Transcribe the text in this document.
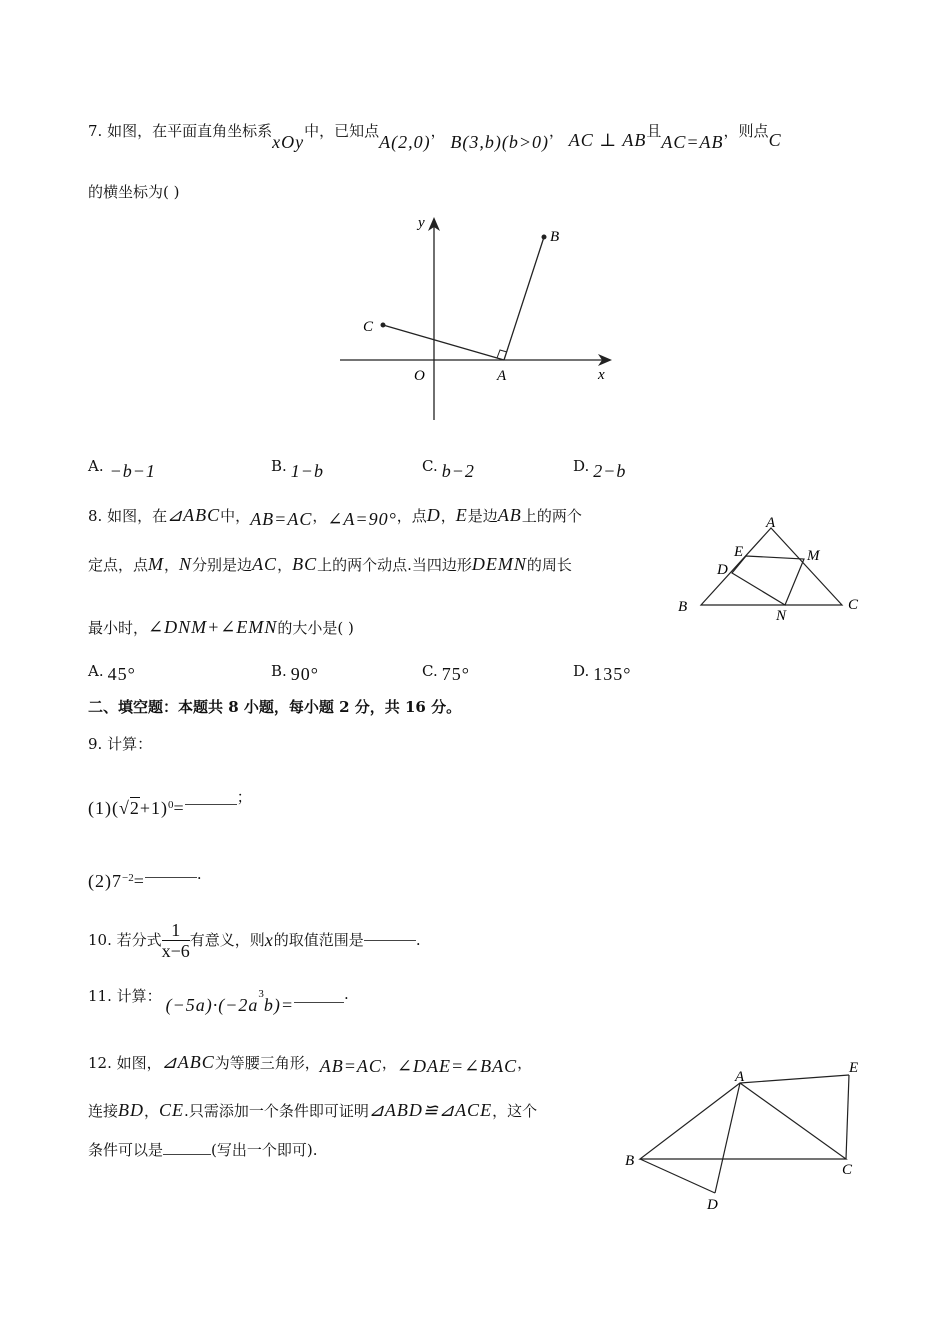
7. 如图，在平面直角坐标系xOy中，已知点A(2,0)， B(3,b)(b>0)， AC ⊥ AB且AC=AB，则点C
的横坐标为( )
y
x
O	A
B
C
A. −b−1	B. 1−b	C. b−2	D. 2−b
8. 如图，在⊿ABC中，AB=AC，∠A=90°，点D，E是边AB上的两个
定点，点M，N分别是边AC，BC上的两个动点.当四边形DEMN的周长
最小时，∠DNM+∠EMN的大小是( )
A
B	C
D
E	M
N
A. 45°	B. 90°	C. 75°	D. 135°
二、填空题：本题共 8 小题，每小题 2 分，共 16 分。
9. 计算：
$(1)(√2+1)^0=$；
$(2)7^{-2}=$	.
10. 若分式 $\frac{1}{x-6}$ 有意义，则 x 的取值范围是	.
11. 计算： $(-5a)\cdot(-2a^3b)=$.
12. 如图，⊿ABC为等腰三角形，AB=AC，∠DAE=∠BAC，
连接BD，CE.只需添加一个条件即可证明⊿ABD≌⊿ACE，这个
条件可以是	(写出一个即可).
A
B
C
D
E
